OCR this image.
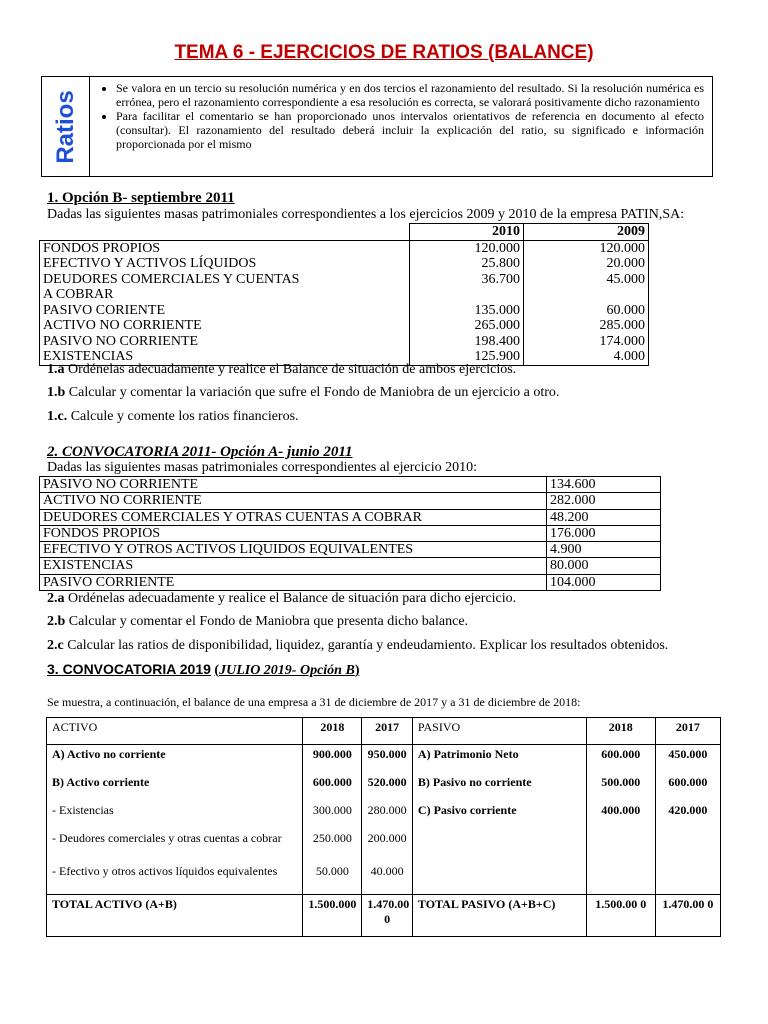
TEMA 6 - EJERCICIOS DE RATIOS (BALANCE)
Ratios
• Se valora en un tercio su resolución numérica y en dos tercios el razonamiento del resultado. Si la resolución numérica es errónea, pero el razonamiento correspondiente a esa resolución es correcta, se valorará positivamente dicho razonamiento
• Para facilitar el comentario se han proporcionado unos intervalos orientativos de referencia en documento al efecto (consultar). El razonamiento del resultado deberá incluir la explicación del ratio, su significado e información proporcionada por el mismo
1. Opción B- septiembre 2011
Dadas las siguientes masas patrimoniales correspondientes a los ejercicios 2009 y 2010 de la empresa PATIN,SA:
	2010	2009
FONDOS PROPIOS	120.000	120.000
EFECTIVO Y ACTIVOS LÍQUIDOS	25.800	20.000
DEUDORES COMERCIALES Y CUENTAS	36.700	45.000
A COBRAR		
PASIVO CORIENTE	135.000	60.000
ACTIVO NO CORRIENTE	265.000	285.000
PASIVO NO CORRIENTE	198.400	174.000
EXISTENCIAS	125.900	4.000
1.a Ordénelas adecuadamente y realice el Balance de situación de ambos ejercicios.
1.b Calcular y comentar la variación que sufre el Fondo de Maniobra de un ejercicio a otro.
1.c. Calcule y comente los ratios financieros.
2. CONVOCATORIA 2011- Opción A- junio 2011
Dadas las siguientes masas patrimoniales correspondientes al ejercicio 2010:
PASIVO NO CORRIENTE	134.600
ACTIVO NO CORRIENTE	282.000
DEUDORES COMERCIALES Y OTRAS CUENTAS A COBRAR	48.200
FONDOS PROPIOS	176.000
EFECTIVO Y OTROS ACTIVOS LIQUIDOS EQUIVALENTES	4.900
EXISTENCIAS	80.000
PASIVO CORRIENTE	104.000
2.a Ordénelas adecuadamente y realice el Balance de situación para dicho ejercicio.
2.b Calcular y comentar el Fondo de Maniobra que presenta dicho balance.
2.c Calcular las ratios de disponibilidad, liquidez, garantía y endeudamiento. Explicar los resultados obtenidos.
3. CONVOCATORIA 2019 (JULIO 2019- Opción B)
Se muestra, a continuación, el balance de una empresa a 31 de diciembre de 2017 y a 31 de diciembre de 2018:
ACTIVO	2018	2017	PASIVO	2018	2017
A) Activo no corriente	900.000	950.000	A) Patrimonio Neto	600.000	450.000
B) Activo corriente	600.000	520.000	B) Pasivo no corriente	500.000	600.000
- Existencias	300.000	280.000	C) Pasivo corriente	400.000	420.000
- Deudores comerciales y otras cuentas a cobrar	250.000	200.000			
- Efectivo y otros activos líquidos equivalentes	50.000	40.000			
TOTAL ACTIVO (A+B)	1.500.000	1.470.00 0	TOTAL PASIVO (A+B+C)	1.500.00 0	1.470.00 0
